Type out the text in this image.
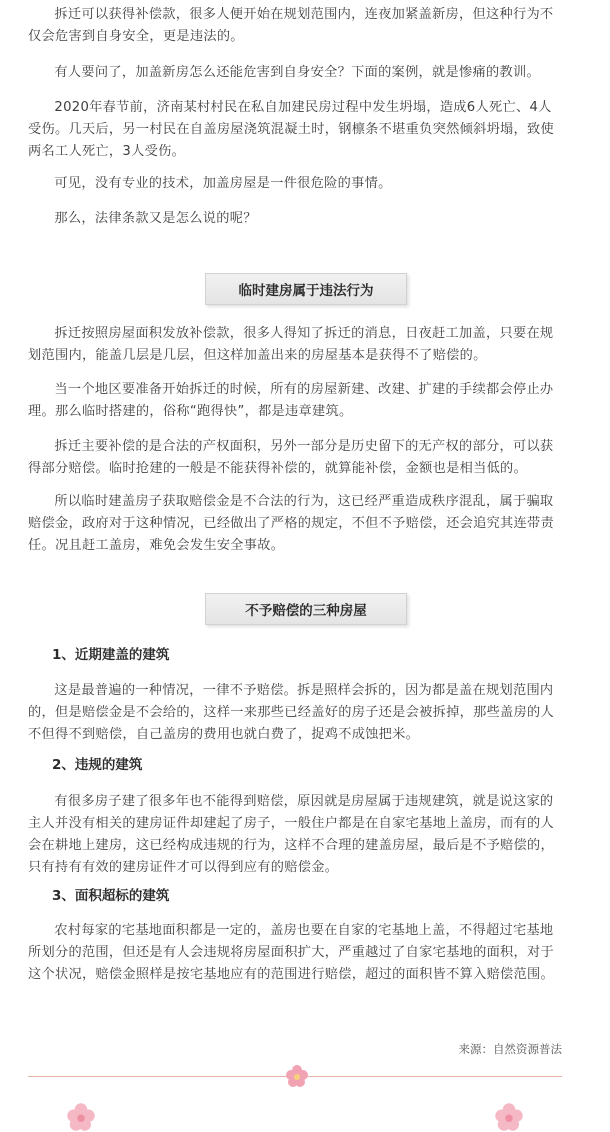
拆迁可以获得补偿款，很多人便开始在规划范围内，连夜加紧盖新房，但这种行为不仅会危害到自身安全，更是违法的。

有人要问了，加盖新房怎么还能危害到自身安全？下面的案例，就是惨痛的教训。

2020年春节前，济南某村村民在私自加建民房过程中发生坍塌，造成6人死亡、4人受伤。几天后，另一村民在自盖房屋浇筑混凝土时，钢檩条不堪重负突然倾斜坍塌，致使两名工人死亡，3人受伤。

可见，没有专业的技术，加盖房屋是一件很危险的事情。

那么，法律条款又是怎么说的呢？

临时建房属于违法行为

拆迁按照房屋面积发放补偿款，很多人得知了拆迁的消息，日夜赶工加盖，只要在规划范围内，能盖几层是几层，但这样加盖出来的房屋基本是获得不了赔偿的。

当一个地区要准备开始拆迁的时候，所有的房屋新建、改建、扩建的手续都会停止办理。那么临时搭建的，俗称“跑得快”，都是违章建筑。

拆迁主要补偿的是合法的产权面积，另外一部分是历史留下的无产权的部分，可以获得部分赔偿。临时抢建的一般是不能获得补偿的，就算能补偿，金额也是相当低的。

所以临时建盖房子获取赔偿金是不合法的行为，这已经严重造成秩序混乱，属于骗取赔偿金，政府对于这种情况，已经做出了严格的规定，不但不予赔偿，还会追究其连带责任。况且赶工盖房，难免会发生安全事故。

不予赔偿的三种房屋

1、近期建盖的建筑

这是最普遍的一种情况，一律不予赔偿。拆是照样会拆的，因为都是盖在规划范围内的，但是赔偿金是不会给的，这样一来那些已经盖好的房子还是会被拆掉，那些盖房的人不但得不到赔偿，自己盖房的费用也就白费了，捉鸡不成蚀把米。

2、违规的建筑

有很多房子建了很多年也不能得到赔偿，原因就是房屋属于违规建筑，就是说这家的主人并没有相关的建房证件却建起了房子，一般住户都是在自家宅基地上盖房，而有的人会在耕地上建房，这已经构成违规的行为，这样不合理的建盖房屋，最后是不予赔偿的，只有持有有效的建房证件才可以得到应有的赔偿金。

3、面积超标的建筑

农村每家的宅基地面积都是一定的，盖房也要在自家的宅基地上盖，不得超过宅基地所划分的范围，但还是有人会违规将房屋面积扩大，严重越过了自家宅基地的面积，对于这个状况，赔偿金照样是按宅基地应有的范围进行赔偿，超过的面积皆不算入赔偿范围。

来源：自然资源普法
